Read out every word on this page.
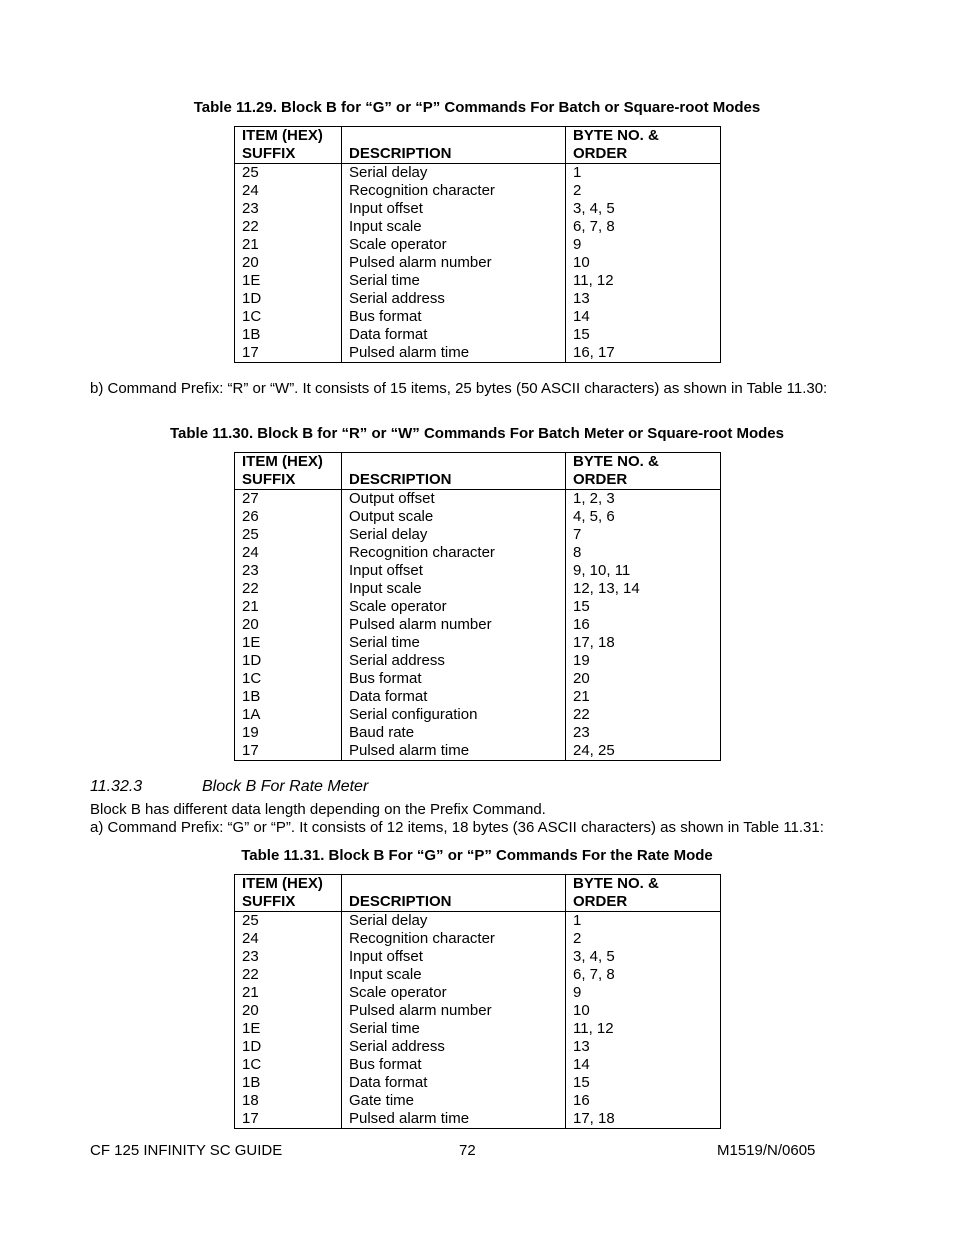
Table 11.29. Block B for “G” or “P” Commands For Batch or Square-root Modes
ITEM (HEX)
SUFFIX	DESCRIPTION	BYTE NO. &
ORDER
25	Serial delay	1
24	Recognition character	2
23	Input offset	3, 4, 5
22	Input scale	6, 7, 8
21	Scale operator	9
20	Pulsed alarm number	10
1E	Serial time	11, 12
1D	Serial address	13
1C	Bus format	14
1B	Data format	15
17	Pulsed alarm time	16, 17
b) Command Prefix: “R” or “W”. It consists of 15 items, 25 bytes (50 ASCII characters) as shown in Table 11.30:
Table 11.30. Block B for “R” or “W” Commands For Batch Meter or Square-root Modes
ITEM (HEX)
SUFFIX	DESCRIPTION	BYTE NO. &
ORDER
27	Output offset	1, 2, 3
26	Output scale	4, 5, 6
25	Serial delay	7
24	Recognition character	8
23	Input offset	9, 10, 11
22	Input scale	12, 13, 14
21	Scale operator	15
20	Pulsed alarm number	16
1E	Serial time	17, 18
1D	Serial address	19
1C	Bus format	20
1B	Data format	21
1A	Serial configuration	22
19	Baud rate	23
17	Pulsed alarm time	24, 25
11.32.3	Block B For Rate Meter
Block B has different data length depending on the Prefix Command.
a) Command Prefix: “G” or “P”. It consists of 12 items, 18 bytes (36 ASCII characters) as shown in Table 11.31:
Table 11.31. Block B For “G” or “P” Commands For the Rate Mode
ITEM (HEX)
SUFFIX	DESCRIPTION	BYTE NO. &
ORDER
25	Serial delay	1
24	Recognition character	2
23	Input offset	3, 4, 5
22	Input scale	6, 7, 8
21	Scale operator	9
20	Pulsed alarm number	10
1E	Serial time	11, 12
1D	Serial address	13
1C	Bus format	14
1B	Data format	15
18	Gate time	16
17	Pulsed alarm time	17, 18
CF 125 INFINITY SC GUIDE	72	M1519/N/0605
